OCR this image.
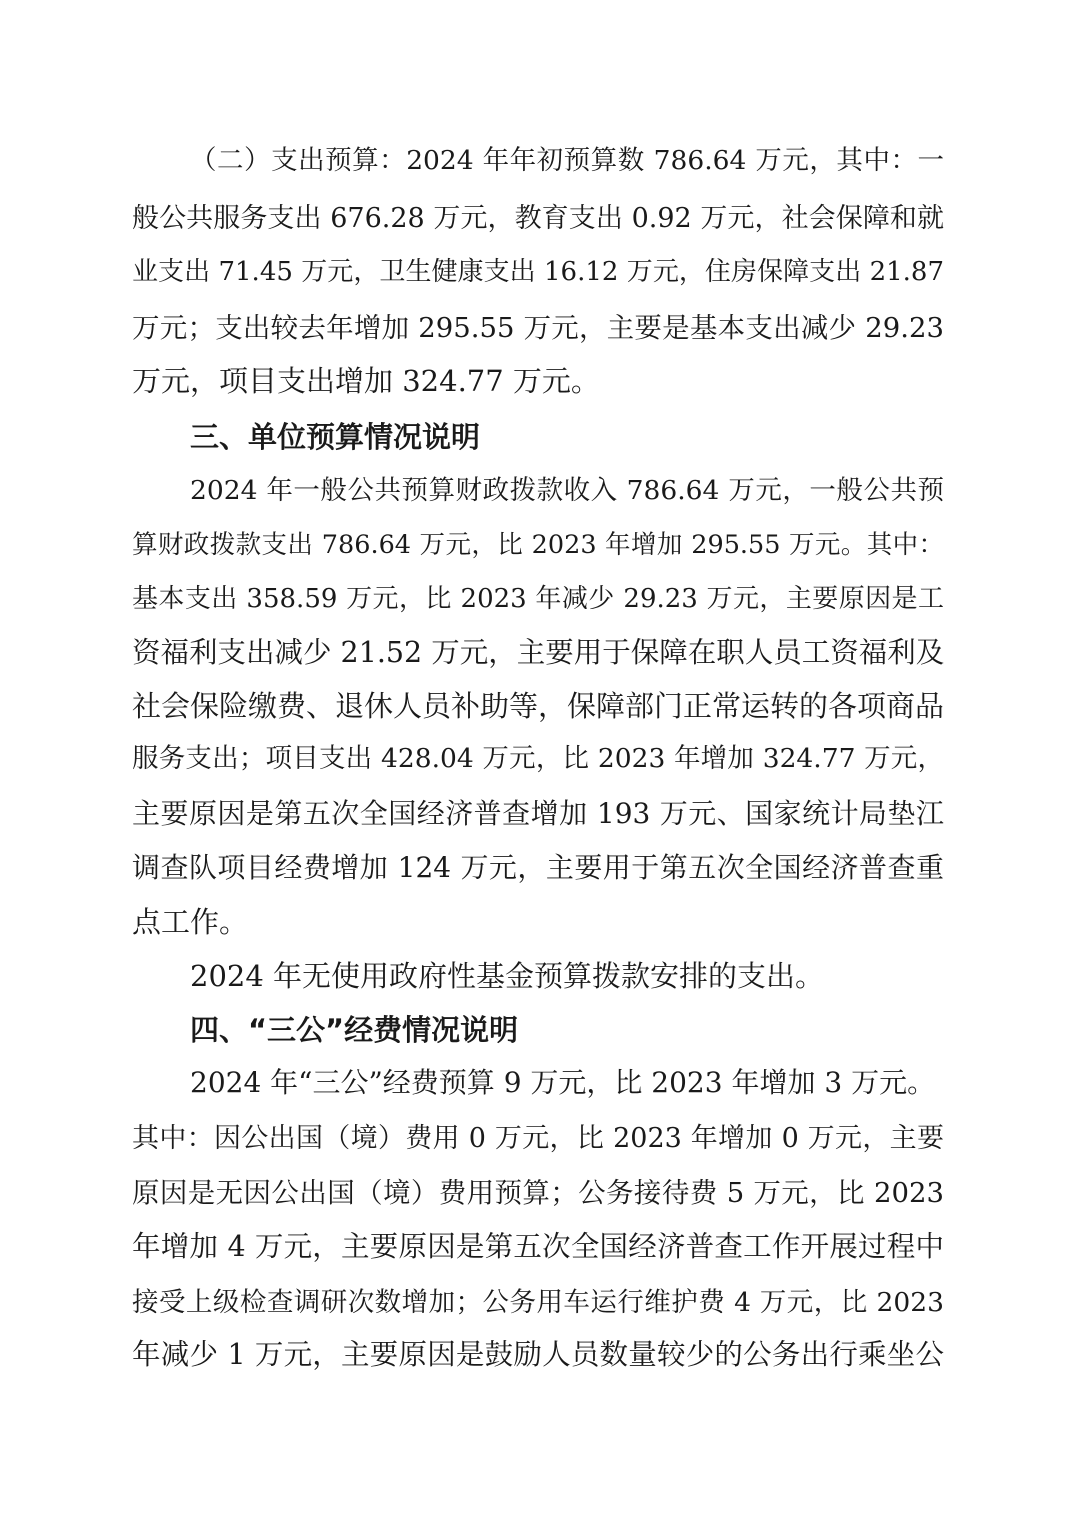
（二）支出预算：2024 年年初预算数 786.64 万元，其中：一
般公共服务支出 676.28 万元，教育支出 0.92 万元，社会保障和就
业支出 71.45 万元，卫生健康支出 16.12 万元，住房保障支出 21.87
万元；支出较去年增加 295.55 万元，主要是基本支出减少 29.23
万元，项目支出增加 324.77 万元。
三、单位预算情况说明
2024 年一般公共预算财政拨款收入 786.64 万元，一般公共预
算财政拨款支出 786.64 万元，比 2023 年增加 295.55 万元。其中：
基本支出 358.59 万元，比 2023 年减少 29.23 万元，主要原因是工
资福利支出减少 21.52 万元，主要用于保障在职人员工资福利及
社会保险缴费、退休人员补助等，保障部门正常运转的各项商品
服务支出；项目支出 428.04 万元，比 2023 年增加 324.77 万元，
主要原因是第五次全国经济普查增加 193 万元、国家统计局垫江
调查队项目经费增加 124 万元，主要用于第五次全国经济普查重
点工作。
2024 年无使用政府性基金预算拨款安排的支出。
四、“三公”经费情况说明
2024 年“三公”经费预算 9 万元，比 2023 年增加 3 万元。
其中：因公出国（境）费用 0 万元，比 2023 年增加 0 万元，主要
原因是无因公出国（境）费用预算；公务接待费 5 万元，比 2023
年增加 4 万元，主要原因是第五次全国经济普查工作开展过程中
接受上级检查调研次数增加；公务用车运行维护费 4 万元，比 2023
年减少 1 万元，主要原因是鼓励人员数量较少的公务出行乘坐公
